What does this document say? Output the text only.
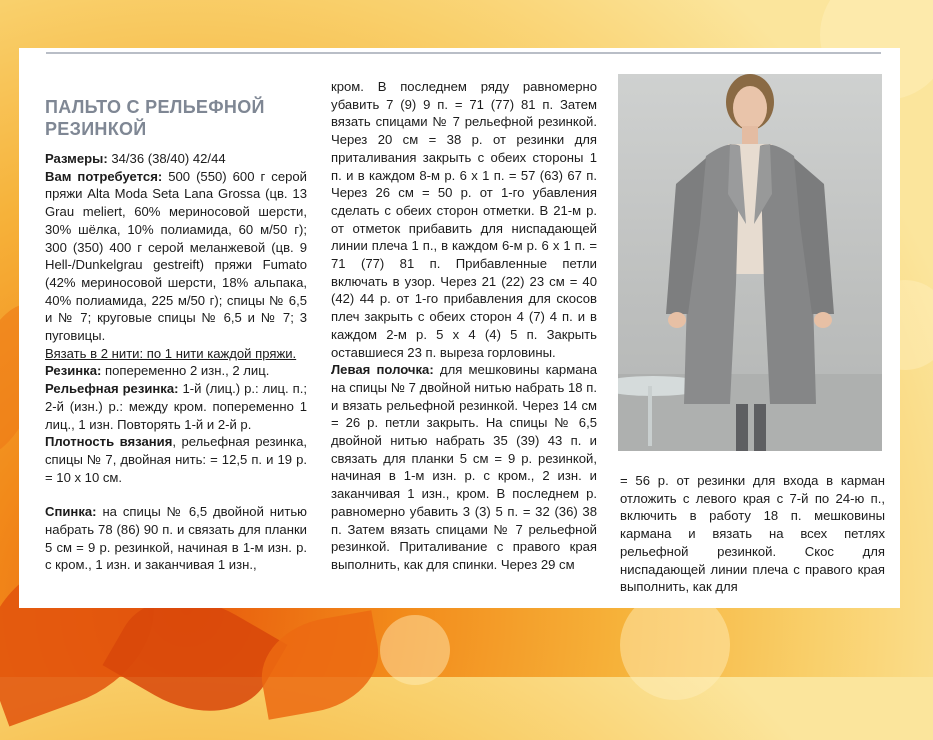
ПАЛЬТО С РЕЛЬЕФНОЙ
РЕЗИНКОЙ

Размеры: 34/36 (38/40) 42/44

Вам потребуется: 500 (550) 600 г серой пряжи Alta Moda Seta Lana Grossa (цв. 13 Grau meliert, 60% мериносовой шерсти, 30% шёлка, 10% полиамида, 60 м/50 г); 300 (350) 400 г серой меланжевой (цв. 9 Hell-/Dunkelgrau gestreift) пряжи Fumato (42% мериносовой шерсти, 18% альпака, 40% полиамида, 225 м/50 г); спицы № 6,5 и № 7; круговые спицы № 6,5 и № 7; 3 пуговицы.

Вязать в 2 нити: по 1 нити каждой пряжи.

Резинка: попеременно 2 изн., 2 лиц.

Рельефная резинка: 1-й (лиц.) р.: лиц. п.; 2-й (изн.) р.: между кром. попеременно 1 лиц., 1 изн. Повторять 1-й и 2-й р.

Плотность вязания, рельефная резинка, спицы № 7, двойная нить: = 12,5 п. и 19 р. = 10 х 10 см.

Спинка: на спицы № 6,5 двойной нитью набрать 78 (86) 90 п. и связать для планки 5 см = 9 р. резинкой, начиная в 1-м изн. р. с кром., 1 изн. и заканчивая 1 изн.,

кром. В последнем ряду равномерно убавить 7 (9) 9 п. = 71 (77) 81 п. Затем вязать спицами № 7 рельефной резинкой. Через 20 см = 38 р. от резинки для приталивания закрыть с обеих стороны 1 п. и в каждом 8-м р. 6 х 1 п. = 57 (63) 67 п. Через 26 см = 50 р. от 1-го убавления сделать с обеих сторон отметки. В 21-м р. от отметок прибавить для ниспадающей линии плеча 1 п., в каждом 6-м р. 6 х 1 п. = 71 (77) 81 п. Прибавленные петли включать в узор. Через 21 (22) 23 см = 40 (42) 44 р. от 1-го прибавления для скосов плеч закрыть с обеих сторон 4 (7) 4 п. и в каждом 2-м р. 5 х 4 (4) 5 п. Закрыть оставшиеся 23 п. выреза горловины.

Левая полочка: для мешковины кармана на спицы № 7 двойной нитью набрать 18 п. и вязать рельефной резинкой. Через 14 см = 26 р. петли закрыть. На спицы № 6,5 двойной нитью набрать 35 (39) 43 п. и связать для планки 5 см = 9 р. резинкой, начиная в 1-м изн. р. с кром., 2 изн. и заканчивая 1 изн., кром. В последнем р. равномерно убавить 3 (3) 5 п. = 32 (36) 38 п. Затем вязать спицами № 7 рельефной резинкой. Приталивание с правого края выполнить, как для спинки. Через 29 см

= 56 р. от резинки для входа в карман отложить с левого края с 7-й по 24-ю п., включить в работу 18 п. мешковины кармана и вязать на всех петлях рельефной резинкой. Скос для ниспадающей линии плеча с правого края выполнить, как для
